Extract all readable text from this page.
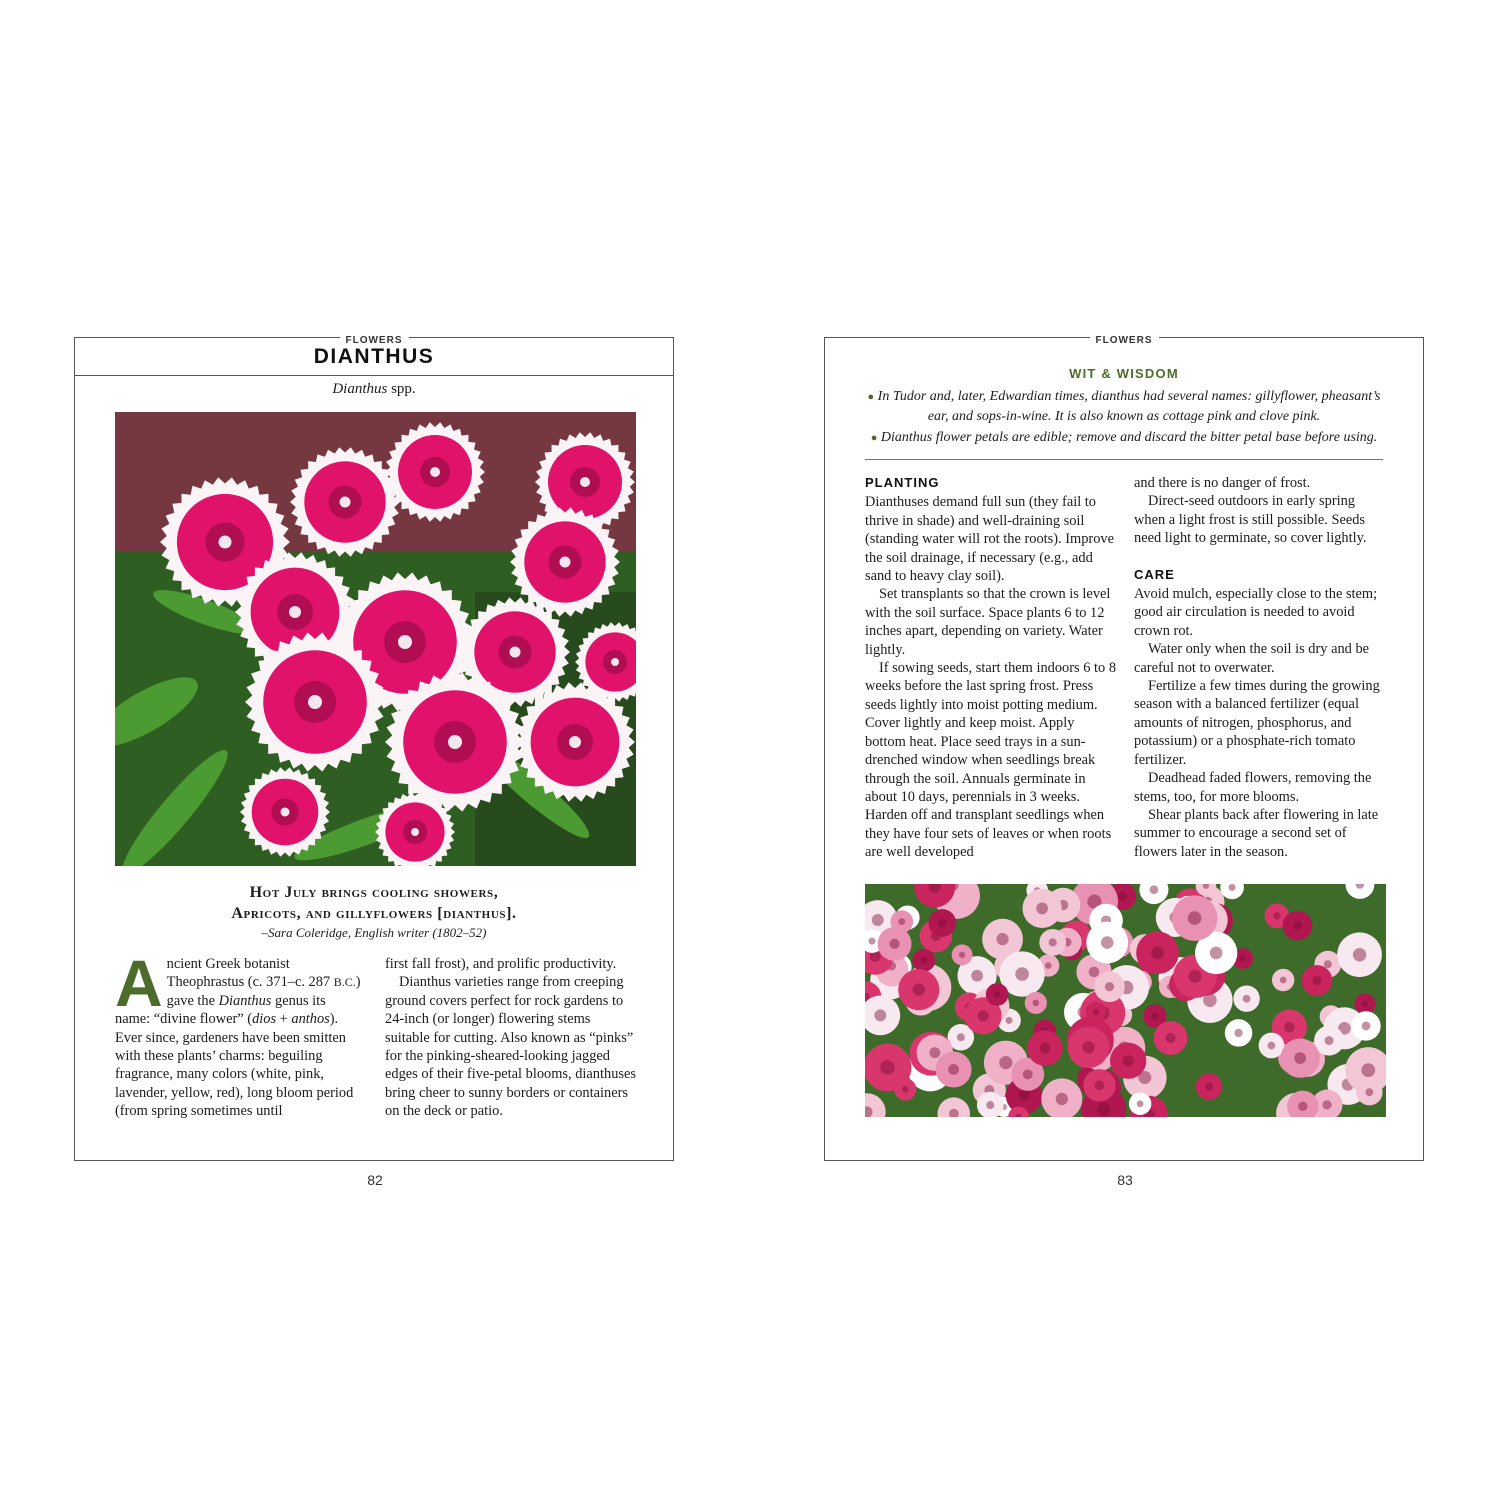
FLOWERS
DIANTHUS
Dianthus spp.
Hot July brings cooling showers,
Apricots, and gillyflowers [dianthus].
–Sara Coleridge, English writer (1802–52)

Ancient Greek botanist Theophrastus (c. 371–c. 287 B.C.) gave the Dianthus genus its name: “divine flower” (dios + anthos). Ever since, gardeners have been smitten with these plants’ charms: beguiling fragrance, many colors (white, pink, lavender, yellow, red), long bloom period (from spring sometimes until

first fall frost), and prolific productivity.

Dianthus varieties range from creeping ground covers perfect for rock gardens to 24-inch (or longer) flowering stems suitable for cutting. Also known as “pinks” for the pinking-sheared-looking jagged edges of their five-petal blooms, dianthuses bring cheer to sunny borders or containers on the deck or patio.

82
FLOWERS
WIT & WISDOM

● In Tudor and, later, Edwardian times, dianthus had several names: gillyflower, pheasant’s ear, and sops-in-wine. It is also known as cottage pink and clove pink.

● Dianthus flower petals are edible; remove and discard the bitter petal base before using.

PLANTING

Dianthuses demand full sun (they fail to thrive in shade) and well-draining soil (standing water will rot the roots). Improve the soil drainage, if necessary (e.g., add sand to heavy clay soil).

Set transplants so that the crown is level with the soil surface. Space plants 6 to 12 inches apart, depending on variety. Water lightly.

If sowing seeds, start them indoors 6 to 8 weeks before the last spring frost. Press seeds lightly into moist potting medium. Cover lightly and keep moist. Apply bottom heat. Place seed trays in a sun-drenched window when seedlings break through the soil. Annuals germinate in about 10 days, perennials in 3 weeks. Harden off and transplant seedlings when they have four sets of leaves or when roots are well developed

and there is no danger of frost.

Direct-seed outdoors in early spring when a light frost is still possible. Seeds need light to germinate, so cover lightly.

CARE

Avoid mulch, especially close to the stem; good air circulation is needed to avoid crown rot.

Water only when the soil is dry and be careful not to overwater.

Fertilize a few times during the growing season with a balanced fertilizer (equal amounts of nitrogen, phosphorus, and potassium) or a phosphate-rich tomato fertilizer.

Deadhead faded flowers, removing the stems, too, for more blooms.

Shear plants back after flowering in late summer to encourage a second set of flowers later in the season.

83
